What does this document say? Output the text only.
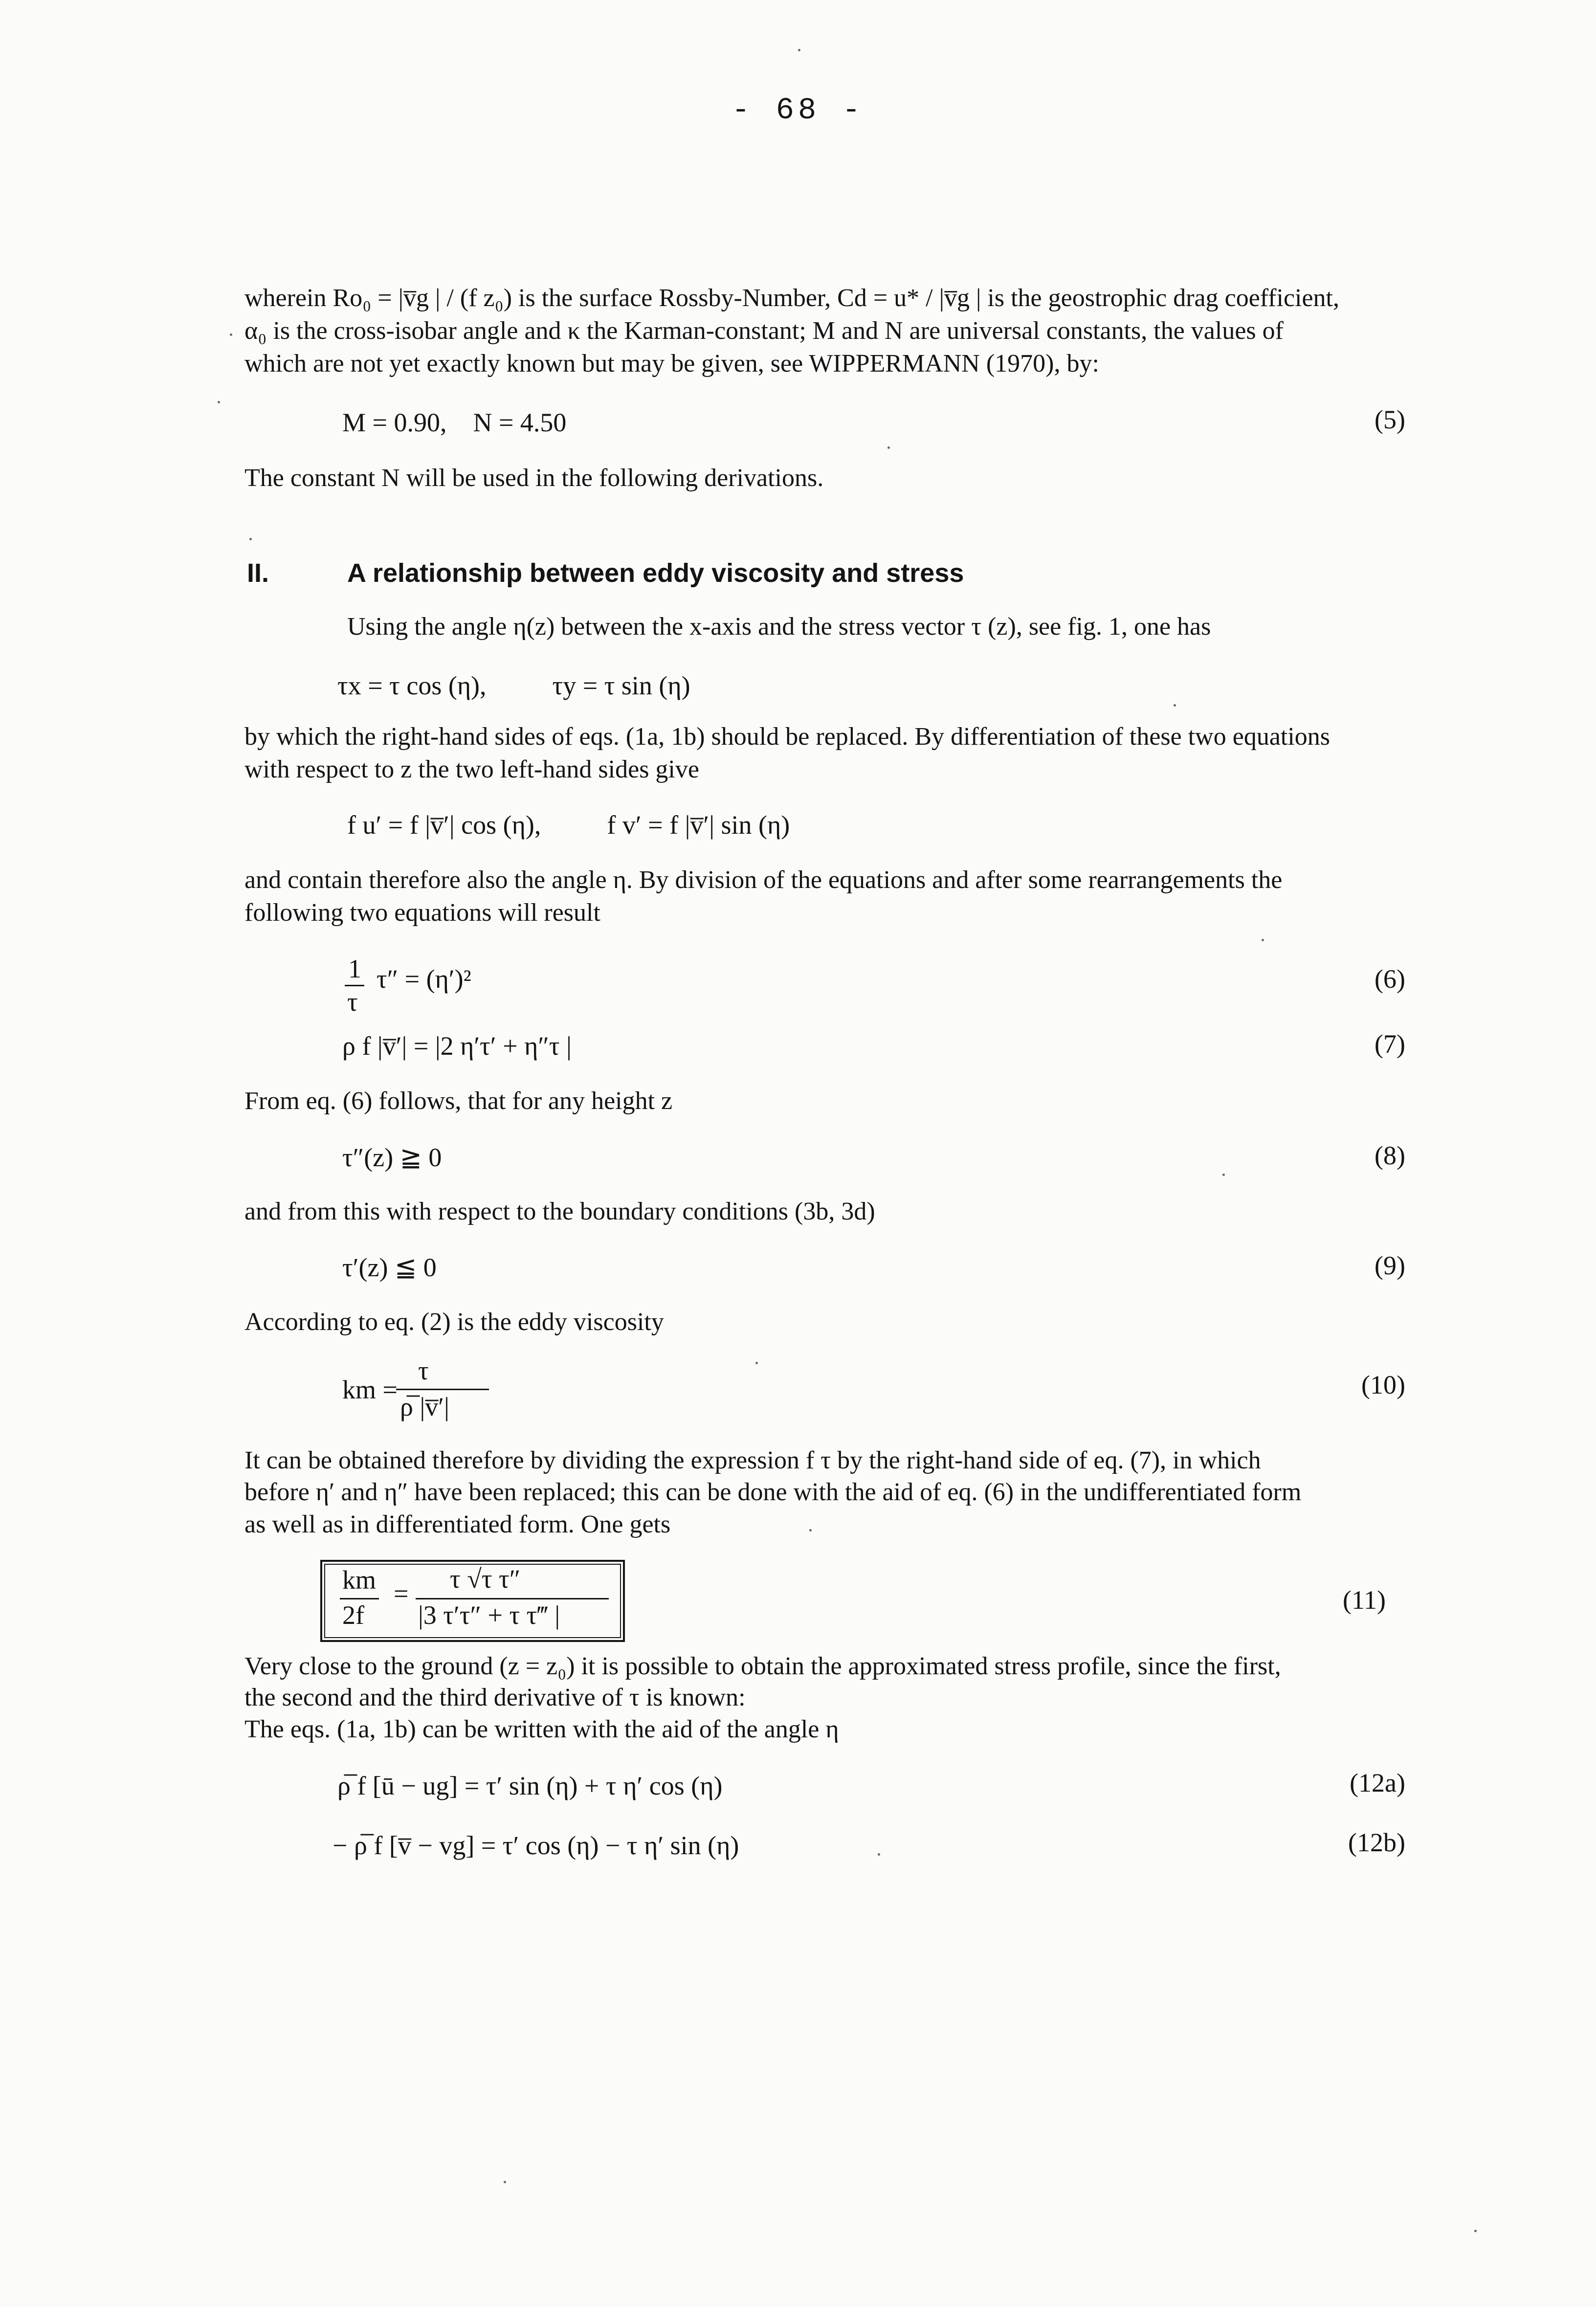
- 68 -
wherein Ro₀ = |v̅g | / (f z₀) is the surface Rossby-Number, Cd = u* / |v̅g | is the geostrophic drag coefficient,
α₀ is the cross-isobar angle and κ the Karman-constant; M and N are universal constants, the values of
which are not yet exactly known but may be given, see WIPPERMANN (1970), by:
M = 0.90,    N = 4.50	(5)
The constant N will be used in the following derivations.
II.	A relationship between eddy viscosity and stress
Using the angle η(z) between the x-axis and the stress vector τ (z), see fig. 1, one has
τx = τ cos (η),          τy = τ sin (η)
by which the right-hand sides of eqs. (1a, 1b) should be replaced. By differentiation of these two equations
with respect to z the two left-hand sides give
f u′ = f |v̅′| cos (η),          f v′ = f |v̅′| sin (η)
and contain therefore also the angle η. By division of the equations and after some rearrangements the
following two equations will result
1
τ
τ″ = (η′)²	(6)
ρ f |v̅′| = |2 η′τ′ + η″τ |	(7)
From eq. (6) follows, that for any height z
τ″(z) ≧ 0	(8)
and from this with respect to the boundary conditions (3b, 3d)
τ′(z) ≦ 0	(9)
According to eq. (2) is the eddy viscosity
km =
τ
ρ̅ |v̅′|
(10)
It can be obtained therefore by dividing the expression f τ by the right-hand side of eq. (7), in which
before η′ and η″ have been replaced; this can be done with the aid of eq. (6) in the undifferentiated form
as well as in differentiated form. One gets
km
2f
= τ √τ τ″
|3 τ′τ″ + τ τ‴ |
(11)
Very close to the ground (z = z₀) it is possible to obtain the approximated stress profile, since the first,
the second and the third derivative of τ is known:
The eqs. (1a, 1b) can be written with the aid of the angle η
ρ̅ f [ū − ug] = τ′ sin (η) + τ η′ cos (η)	(12a)
− ρ̅ f [v̅ − vg] = τ′ cos (η) − τ η′ sin (η)	(12b)
